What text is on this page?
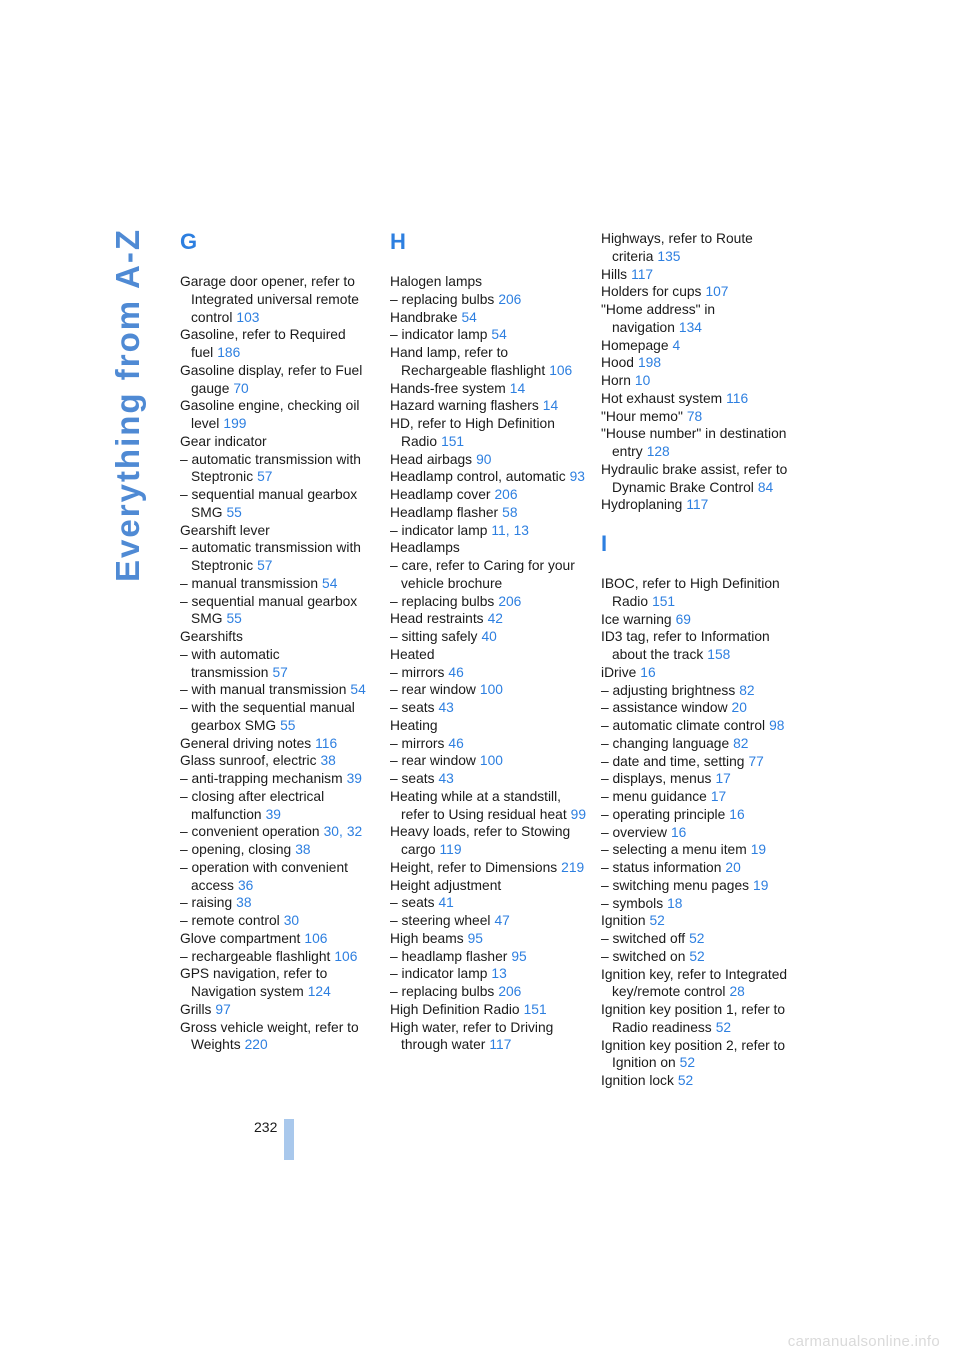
Everything from A-Z G
Garage door opener, refer to Integrated universal remote control 103
Gasoline, refer to Required fuel 186
Gasoline display, refer to Fuel gauge 70
Gasoline engine, checking oil level 199
Gear indicator
– automatic transmission with Steptronic 57
– sequential manual gearbox SMG 55
Gearshift lever
– automatic transmission with Steptronic 57
– manual transmission 54
– sequential manual gearbox SMG 55
Gearshifts
– with automatic transmission 57
– with manual transmission 54
– with the sequential manual gearbox SMG 55
General driving notes 116
Glass sunroof, electric 38
– anti-trapping mechanism 39
– closing after electrical malfunction 39
– convenient operation 30, 32
– opening, closing 38
– operation with convenient access 36
– raising 38
– remote control 30
Glove compartment 106
– rechargeable flashlight 106
GPS navigation, refer to Navigation system 124
Grills 97
Gross vehicle weight, refer to Weights 220
H
Halogen lamps
– replacing bulbs 206
Handbrake 54
– indicator lamp 54
Hand lamp, refer to Rechargeable flashlight 106
Hands-free system 14
Hazard warning flashers 14
HD, refer to High Definition Radio 151
Head airbags 90
Headlamp control, automatic 93
Headlamp cover 206
Headlamp flasher 58
– indicator lamp 11, 13
Headlamps
– care, refer to Caring for your vehicle brochure
– replacing bulbs 206
Head restraints 42
– sitting safely 40
Heated
– mirrors 46
– rear window 100
– seats 43
Heating
– mirrors 46
– rear window 100
– seats 43
Heating while at a standstill, refer to Using residual heat 99
Heavy loads, refer to Stowing cargo 119
Height, refer to Dimensions 219
Height adjustment
– seats 41
– steering wheel 47
High beams 95
– headlamp flasher 95
– indicator lamp 13
– replacing bulbs 206
High Definition Radio 151
High water, refer to Driving through water 117
Highways, refer to Route criteria 135
Hills 117
Holders for cups 107
"Home address" in navigation 134
Homepage 4
Hood 198
Horn 10
Hot exhaust system 116
"Hour memo" 78
"House number" in destination entry 128
Hydraulic brake assist, refer to Dynamic Brake Control 84
Hydroplaning 117
I
IBOC, refer to High Definition Radio 151
Ice warning 69
ID3 tag, refer to Information about the track 158
iDrive 16
– adjusting brightness 82
– assistance window 20
– automatic climate control 98
– changing language 82
– date and time, setting 77
– displays, menus 17
– menu guidance 17
– operating principle 16
– overview 16
– selecting a menu item 19
– status information 20
– switching menu pages 19
– symbols 18
Ignition 52
– switched off 52
– switched on 52
Ignition key, refer to Integrated key/remote control 28
Ignition key position 1, refer to Radio readiness 52
Ignition key position 2, refer to Ignition on 52
Ignition lock 52
232
carmanualsonline.info
